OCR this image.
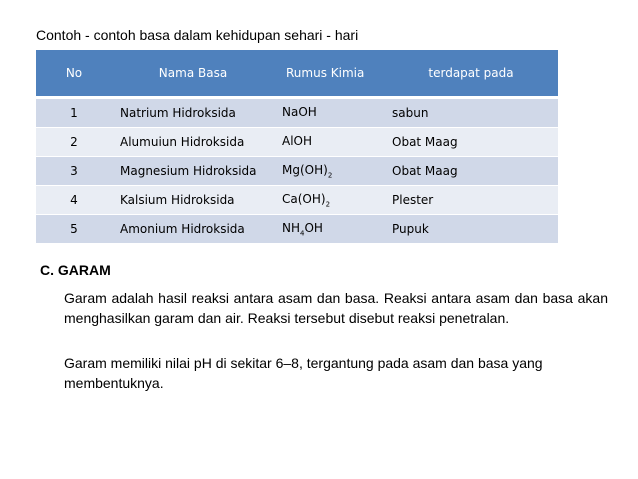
Contoh - contoh basa dalam kehidupan sehari - hari
No	Nama Basa	Rumus Kimia	terdapat pada
1	Natrium Hidroksida	NaOH	sabun
2	Alumuiun Hidroksida	AlOH	Obat Maag
3	Magnesium Hidroksida	$Mg(OH)_2$	Obat Maag
4	Kalsium Hidroksida	$Ca(OH)_2$	Plester
5	Amonium Hidroksida	$NH_4OH$	Pupuk
C. GARAM

Garam adalah hasil reaksi antara asam dan basa. Reaksi antara asam dan basa akan menghasilkan garam dan air. Reaksi tersebut disebut reaksi penetralan.

Garam memiliki nilai pH di sekitar 6–8, tergantung pada asam dan basa yang membentuknya.
